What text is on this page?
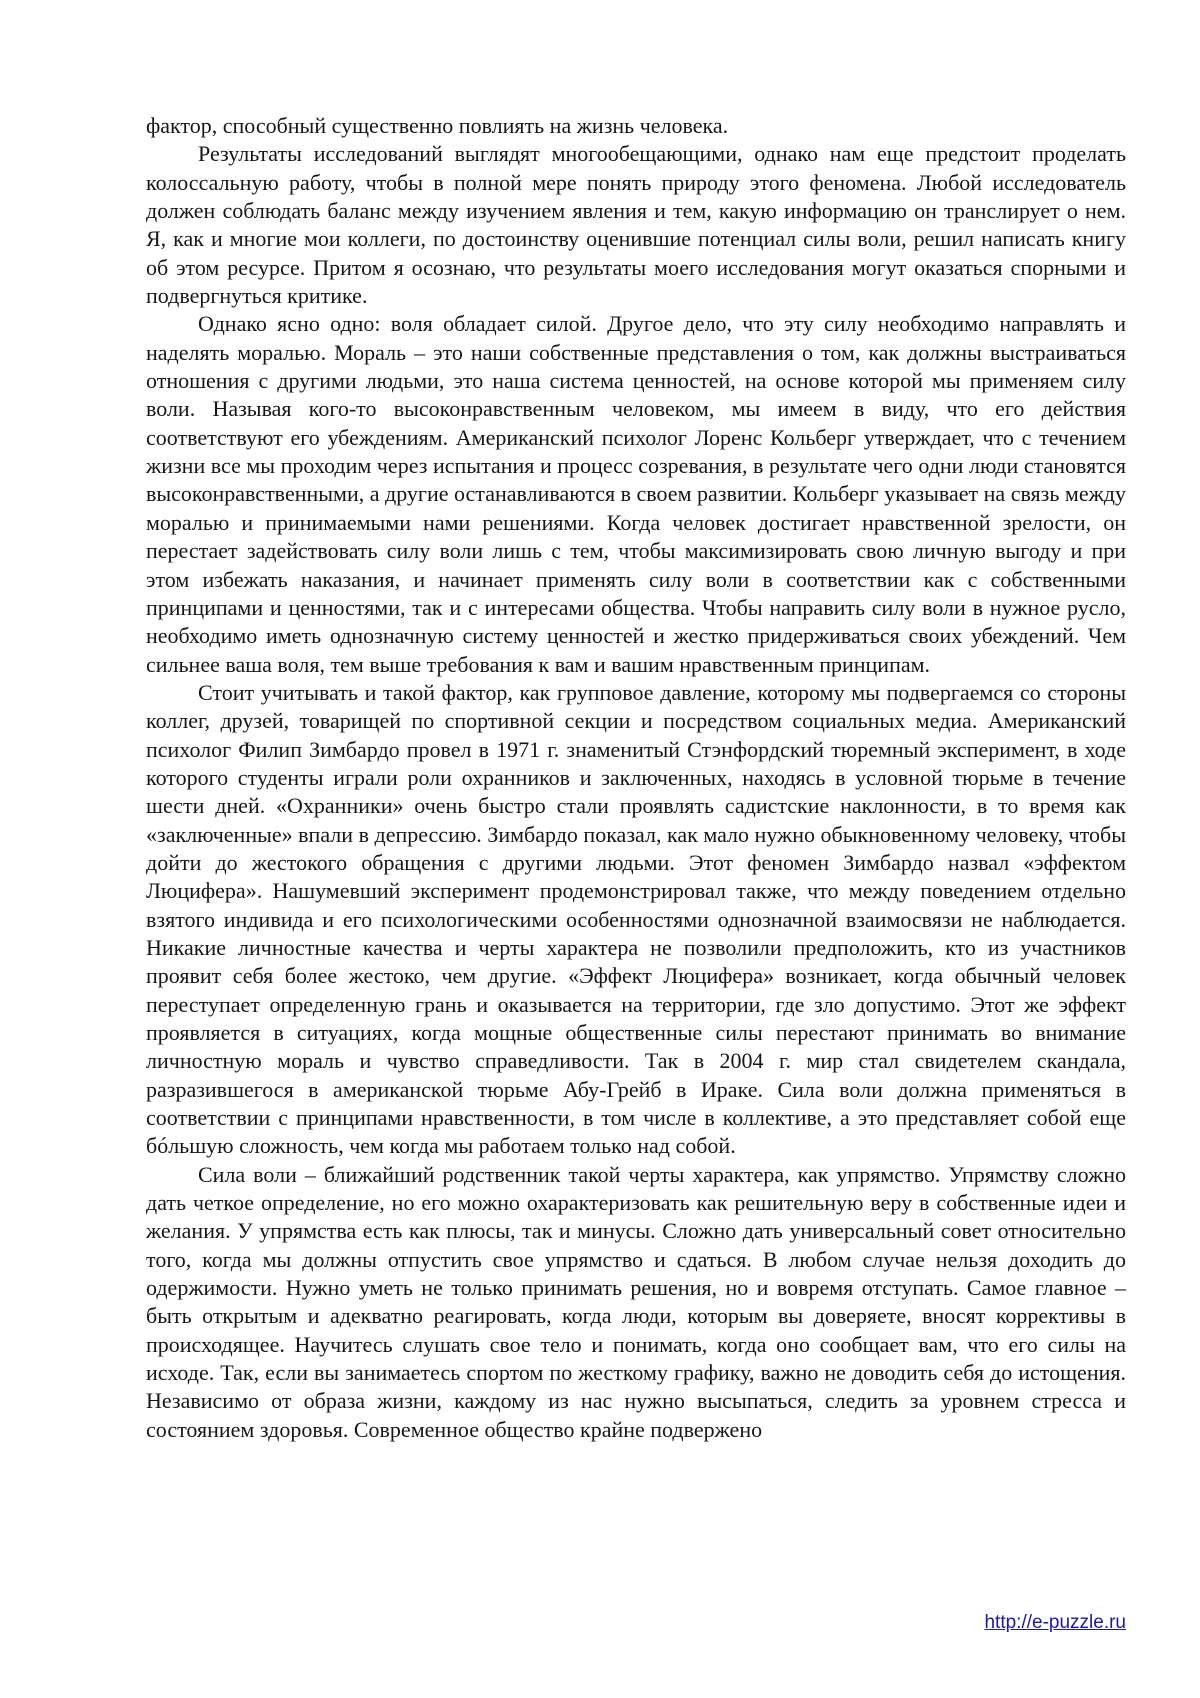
фактор, способный существенно повлиять на жизнь человека.

Результаты исследований выглядят многообещающими, однако нам еще предстоит проделать колоссальную работу, чтобы в полной мере понять природу этого феномена. Любой исследователь должен соблюдать баланс между изучением явления и тем, какую информацию он транслирует о нем. Я, как и многие мои коллеги, по достоинству оценившие потенциал силы воли, решил написать книгу об этом ресурсе. Притом я осознаю, что результаты моего исследования могут оказаться спорными и подвергнуться критике.

Однако ясно одно: воля обладает силой. Другое дело, что эту силу необходимо направлять и наделять моралью. Мораль – это наши собственные представления о том, как должны выстраиваться отношения с другими людьми, это наша система ценностей, на основе которой мы применяем силу воли. Называя кого-то высоконравственным человеком, мы имеем в виду, что его действия соответствуют его убеждениям. Американский психолог Лоренс Кольберг утверждает, что с течением жизни все мы проходим через испытания и процесс созревания, в результате чего одни люди становятся высоконравственными, а другие останавливаются в своем развитии. Кольберг указывает на связь между моралью и принимаемыми нами решениями. Когда человек достигает нравственной зрелости, он перестает задействовать силу воли лишь с тем, чтобы максимизировать свою личную выгоду и при этом избежать наказания, и начинает применять силу воли в соответствии как с собственными принципами и ценностями, так и с интересами общества. Чтобы направить силу воли в нужное русло, необходимо иметь однозначную систему ценностей и жестко придерживаться своих убеждений. Чем сильнее ваша воля, тем выше требования к вам и вашим нравственным принципам.

Стоит учитывать и такой фактор, как групповое давление, которому мы подвергаемся со стороны коллег, друзей, товарищей по спортивной секции и посредством социальных медиа. Американский психолог Филип Зимбардо провел в 1971 г. знаменитый Стэнфордский тюремный эксперимент, в ходе которого студенты играли роли охранников и заключенных, находясь в условной тюрьме в течение шести дней. «Охранники» очень быстро стали проявлять садистские наклонности, в то время как «заключенные» впали в депрессию. Зимбардо показал, как мало нужно обыкновенному человеку, чтобы дойти до жестокого обращения с другими людьми. Этот феномен Зимбардо назвал «эффектом Люцифера». Нашумевший эксперимент продемонстрировал также, что между поведением отдельно взятого индивида и его психологическими особенностями однозначной взаимосвязи не наблюдается. Никакие личностные качества и черты характера не позволили предположить, кто из участников проявит себя более жестоко, чем другие. «Эффект Люцифера» возникает, когда обычный человек переступает определенную грань и оказывается на территории, где зло допустимо. Этот же эффект проявляется в ситуациях, когда мощные общественные силы перестают принимать во внимание личностную мораль и чувство справедливости. Так в 2004 г. мир стал свидетелем скандала, разразившегося в американской тюрьме Абу-Грейб в Ираке. Сила воли должна применяться в соответствии с принципами нравственности, в том числе в коллективе, а это представляет собой еще бóльшую сложность, чем когда мы работаем только над собой.

Сила воли – ближайший родственник такой черты характера, как упрямство. Упрямству сложно дать четкое определение, но его можно охарактеризовать как решительную веру в собственные идеи и желания. У упрямства есть как плюсы, так и минусы. Сложно дать универсальный совет относительно того, когда мы должны отпустить свое упрямство и сдаться. В любом случае нельзя доходить до одержимости. Нужно уметь не только принимать решения, но и вовремя отступать. Самое главное – быть открытым и адекватно реагировать, когда люди, которым вы доверяете, вносят коррективы в происходящее. Научитесь слушать свое тело и понимать, когда оно сообщает вам, что его силы на исходе. Так, если вы занимаетесь спортом по жесткому графику, важно не доводить себя до истощения. Независимо от образа жизни, каждому из нас нужно высыпаться, следить за уровнем стресса и состоянием здоровья. Современное общество крайне подвержено

http://e-puzzle.ru
